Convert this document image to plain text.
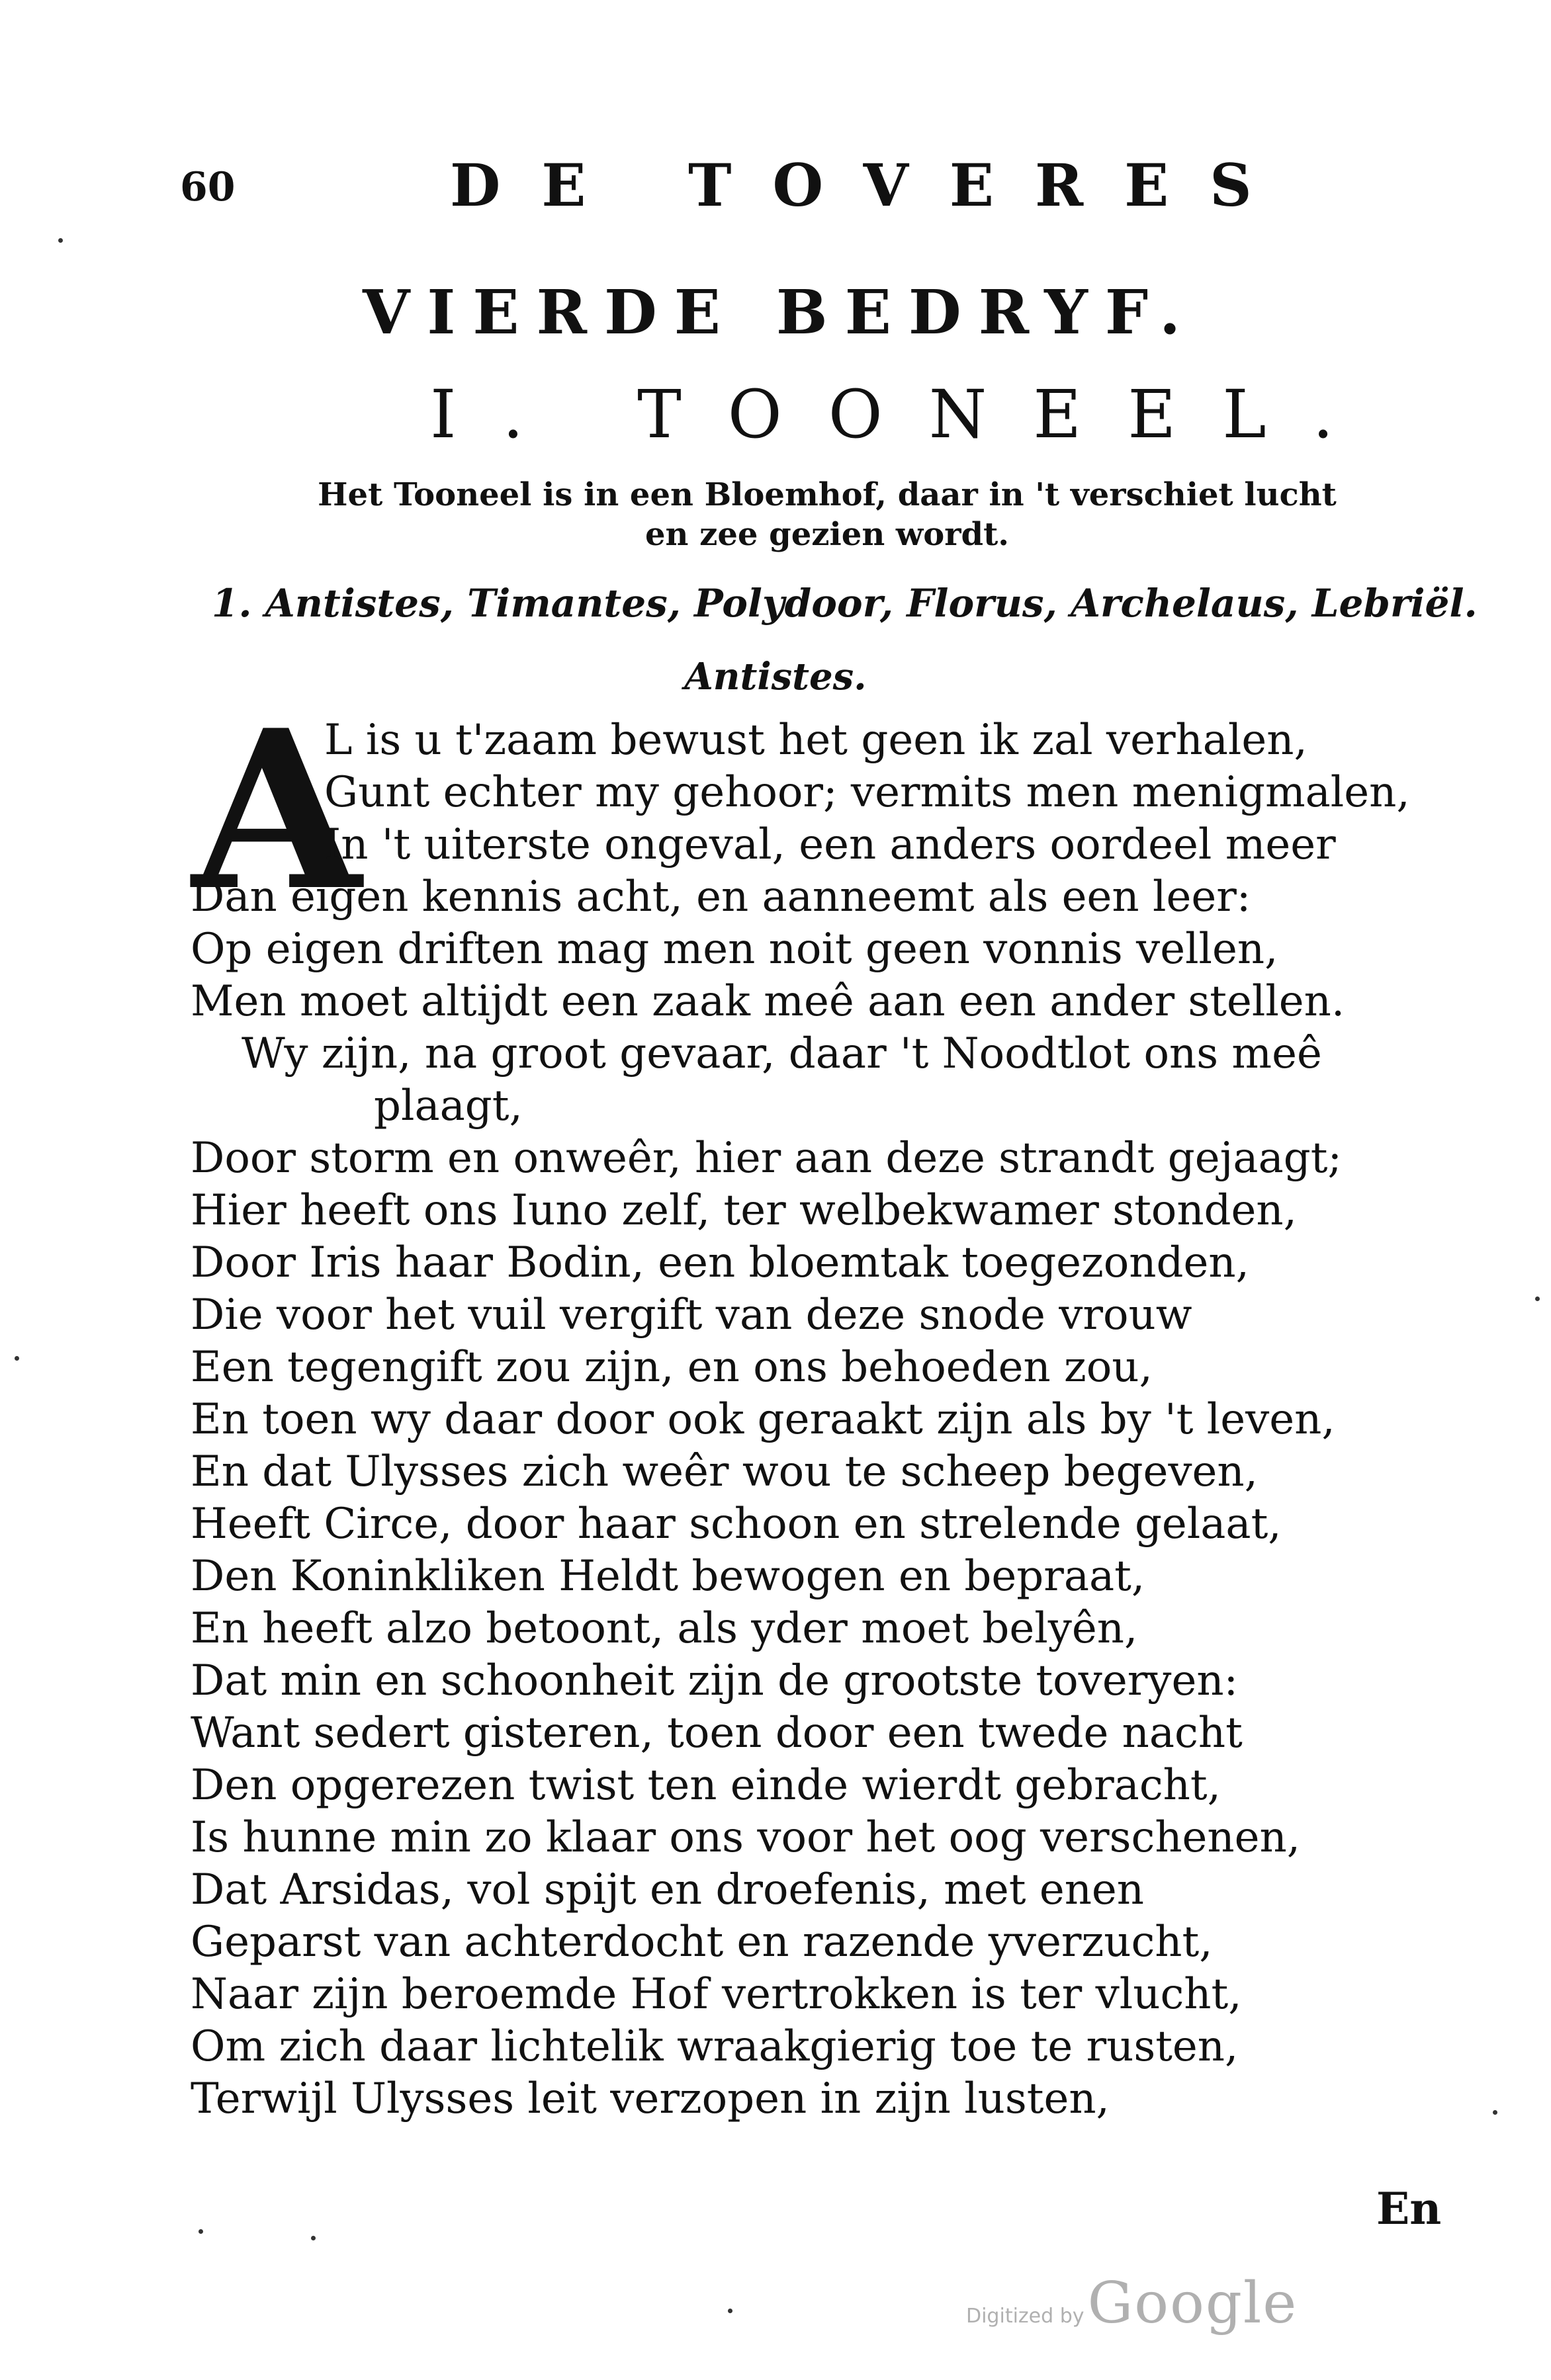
60	DE TOVERES
VIERDE BEDRYF.
I. TOONEEL.
Het Tooneel is in een Bloemhof, daar in 't verschiet lucht en zee gezien wordt.
1. Antistes, Timantes, Polydoor, Florus, Archelaus, Lebriël.
Antistes.
A
L is u t'zaam bewust het geen ik zal verhalen,
Gunt echter my gehoor; vermits men menigmalen,
In 't uiterste ongeval, een anders oordeel meer
Dan eigen kennis acht, en aanneemt als een leer:
Op eigen driften mag men noit geen vonnis vellen,
Men moet altijdt een zaak meê aan een ander stellen.
Wy zijn, na groot gevaar, daar 't Noodtlot ons meê
plaagt,
Door storm en onweêr, hier aan deze strandt gejaagt;
Hier heeft ons Iuno zelf, ter welbekwamer stonden,
Door Iris haar Bodin, een bloemtak toegezonden,
Die voor het vuil vergift van deze snode vrouw
Een tegengift zou zijn, en ons behoeden zou,
En toen wy daar door ook geraakt zijn als by 't leven,
En dat Ulysses zich weêr wou te scheep begeven,
Heeft Circe, door haar schoon en strelende gelaat,
Den Koninkliken Heldt bewogen en bepraat,
En heeft alzo betoont, als yder moet belyên,
Dat min en schoonheit zijn de grootste toveryen:
Want sedert gisteren, toen door een twede nacht
Den opgerezen twist ten einde wierdt gebracht,
Is hunne min zo klaar ons voor het oog verschenen,
Dat Arsidas, vol spijt en droefenis, met enen
Geparst van achterdocht en razende yverzucht,
Naar zijn beroemde Hof vertrokken is ter vlucht,
Om zich daar lichtelik wraakgierig toe te rusten,
Terwijl Ulysses leit verzopen in zijn lusten,
En
Digitized by Google
